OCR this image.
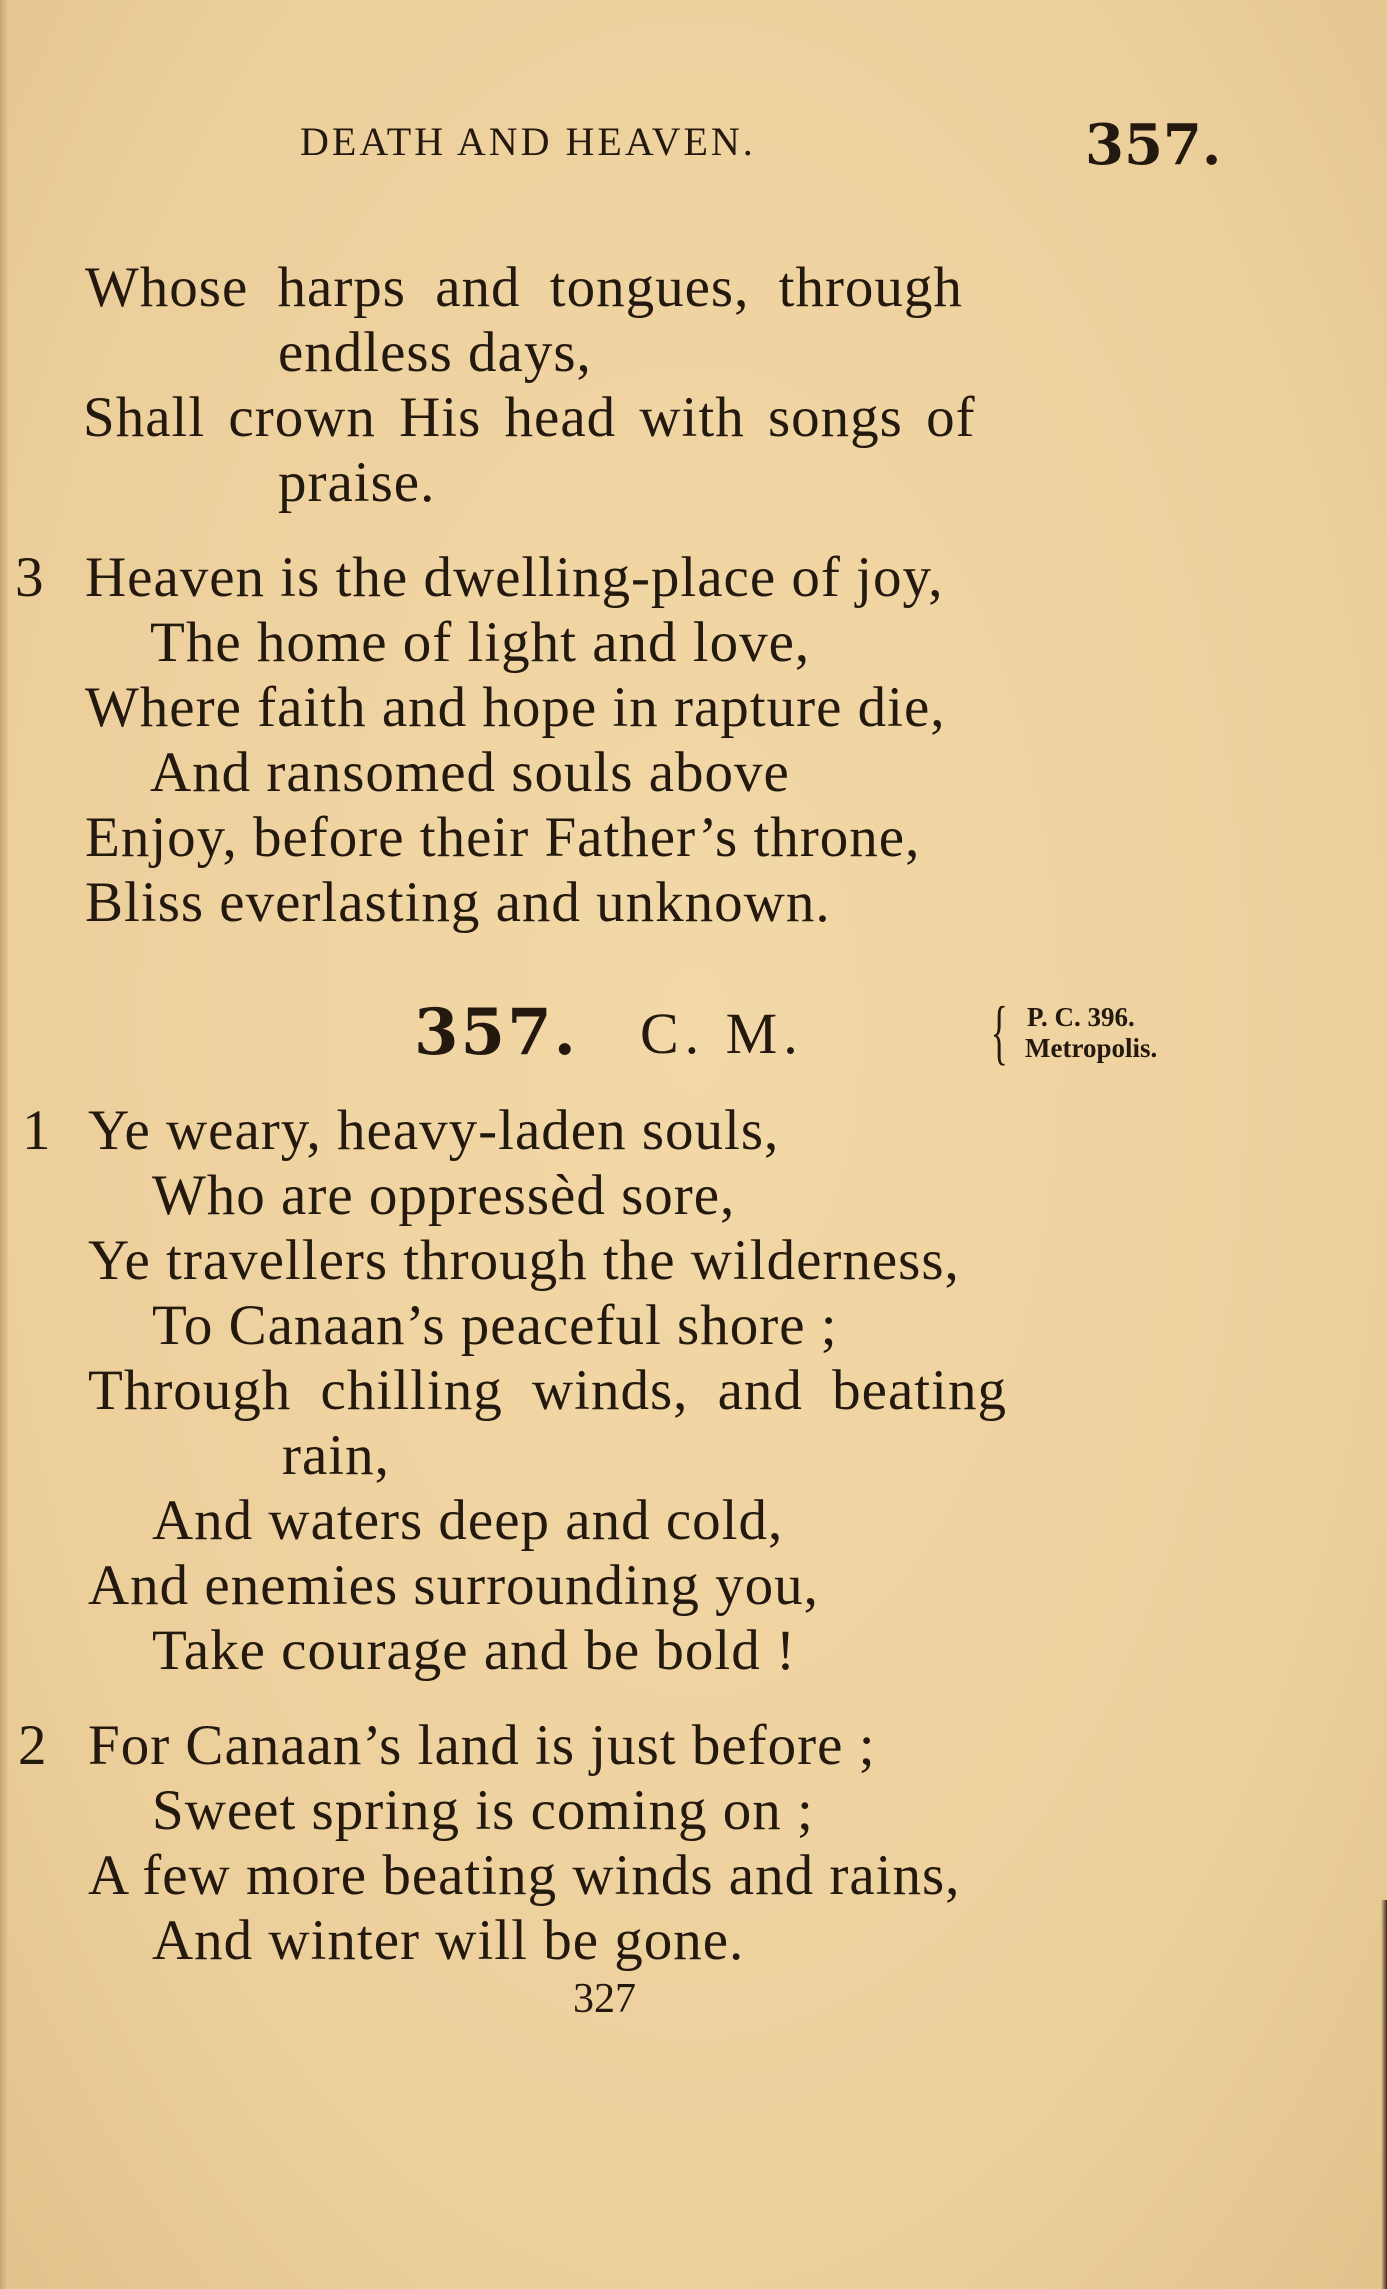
DEATH AND HEAVEN.	357.
Whose harps and tongues, through
endless days,
Shall crown His head with songs of
praise.
3 Heaven is the dwelling-place of joy,
The home of light and love,
Where faith and hope in rapture die,
And ransomed souls above
Enjoy, before their Father’s throne,
Bliss everlasting and unknown.
357. C. M.	{ P. C. 396.
Metropolis.
1 Ye weary, heavy-laden souls,
Who are oppressèd sore,
Ye travellers through the wilderness,
To Canaan’s peaceful shore ;
Through chilling winds, and beating
rain,
And waters deep and cold,
And enemies surrounding you,
Take courage and be bold !
2 For Canaan’s land is just before ;
Sweet spring is coming on ;
A few more beating winds and rains,
And winter will be gone.
327
